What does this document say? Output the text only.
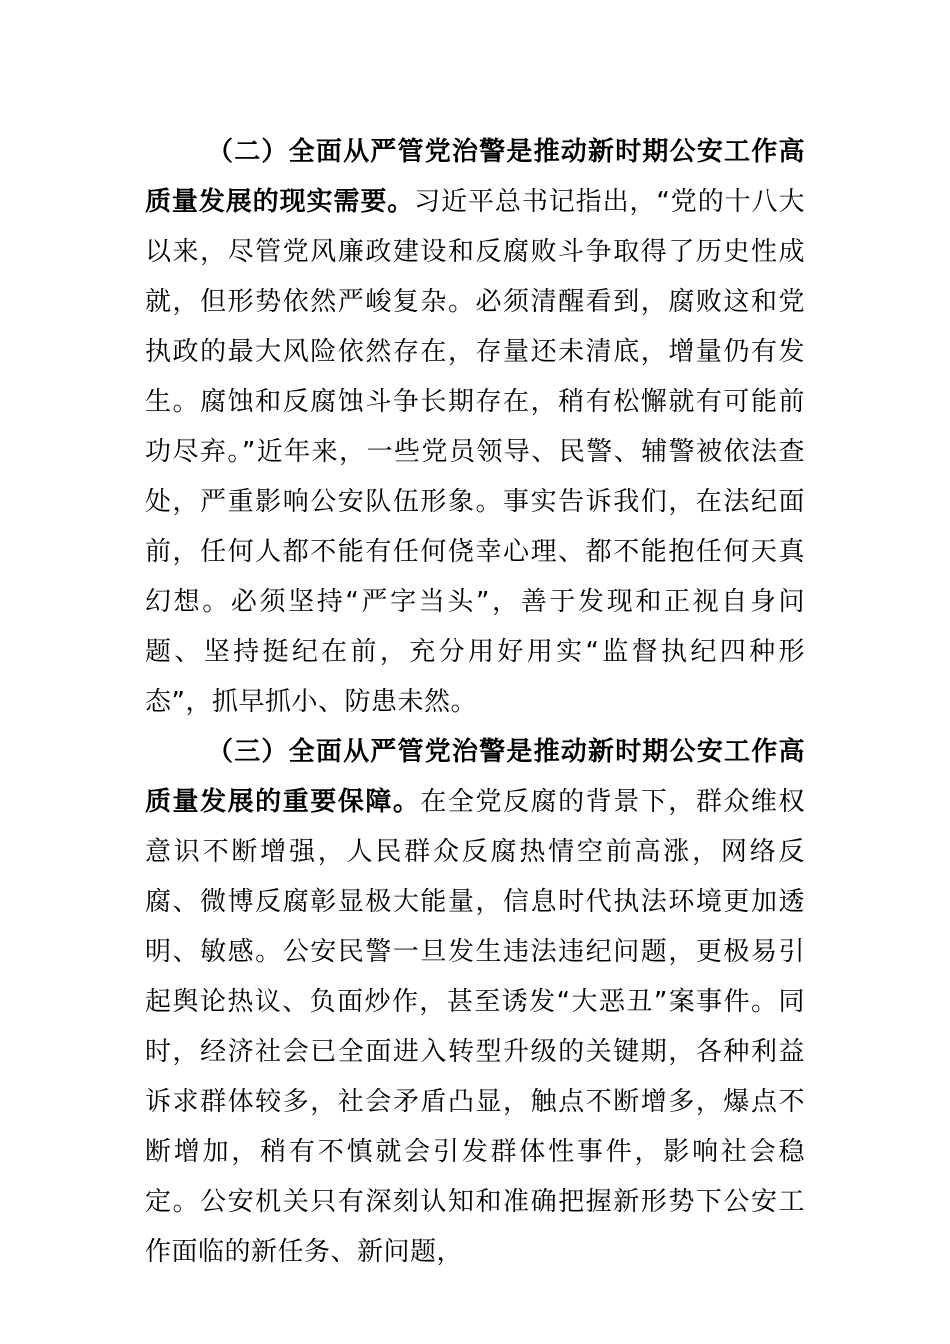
（二）全面从严管党治警是推动新时期公安工作高质量发展的现实需要。习近平总书记指出，“党的十八大以来，尽管党风廉政建设和反腐败斗争取得了历史性成就，但形势依然严峻复杂。必须清醒看到，腐败这和党执政的最大风险依然存在，存量还未清底，增量仍有发生。腐蚀和反腐蚀斗争长期存在，稍有松懈就有可能前功尽弃。”近年来，一些党员领导、民警、辅警被依法查处，严重影响公安队伍形象。事实告诉我们，在法纪面前，任何人都不能有任何侥幸心理、都不能抱任何天真幻想。必须坚持“严字当头”，善于发现和正视自身问题、坚持挺纪在前，充分用好用实“监督执纪四种形态”，抓早抓小、防患未然。

（三）全面从严管党治警是推动新时期公安工作高质量发展的重要保障。在全党反腐的背景下，群众维权意识不断增强，人民群众反腐热情空前高涨，网络反腐、微博反腐彰显极大能量，信息时代执法环境更加透明、敏感。公安民警一旦发生违法违纪问题，更极易引起舆论热议、负面炒作，甚至诱发“大恶丑”案事件。同时，经济社会已全面进入转型升级的关键期，各种利益诉求群体较多，社会矛盾凸显，触点不断增多，爆点不断增加，稍有不慎就会引发群体性事件，影响社会稳定。公安机关只有深刻认知和准确把握新形势下公安工作面临的新任务、新问题，
